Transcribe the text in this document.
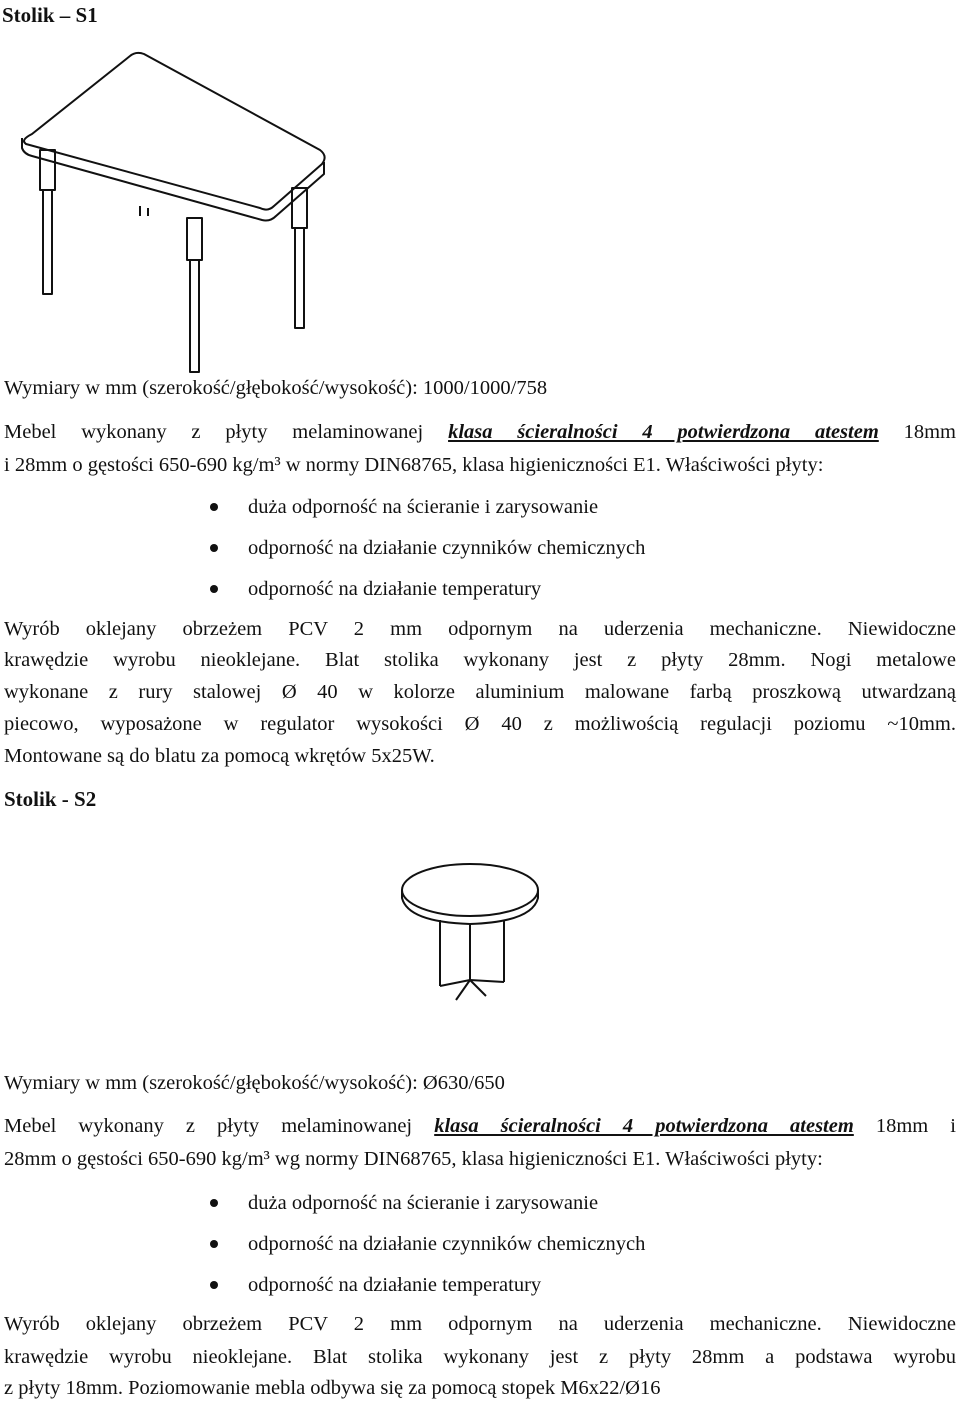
Stolik – S1
Wymiary w mm (szerokość/głębokość/wysokość): 1000/1000/758
Mebel wykonany z płyty melaminowanej klasa ścieralności 4 potwierdzona atestem 18mm
i 28mm o gęstości 650-690 kg/m³ w normy DIN68765, klasa higieniczności E1. Właściwości płyty:
duża odporność na ścieranie i zarysowanie
odporność na działanie czynników chemicznych
odporność na działanie temperatury
Wyrób oklejany obrzeżem PCV 2 mm odpornym na uderzenia mechaniczne. Niewidoczne
krawędzie wyrobu nieoklejane. Blat stolika wykonany jest z płyty 28mm. Nogi metalowe
wykonane z rury stalowej Ø 40 w kolorze aluminium malowane farbą proszkową utwardzaną
piecowo, wyposażone w regulator wysokości Ø 40 z możliwością regulacji poziomu ~10mm.
Montowane są do blatu za pomocą wkrętów 5x25W.
Stolik - S2
Wymiary w mm (szerokość/głębokość/wysokość): Ø630/650
Mebel wykonany z płyty melaminowanej klasa ścieralności 4 potwierdzona atestem 18mm i
28mm o gęstości 650-690 kg/m³ wg normy DIN68765, klasa higieniczności E1. Właściwości płyty:
duża odporność na ścieranie i zarysowanie
odporność na działanie czynników chemicznych
odporność na działanie temperatury
Wyrób oklejany obrzeżem PCV 2 mm odpornym na uderzenia mechaniczne. Niewidoczne
krawędzie wyrobu nieoklejane. Blat stolika wykonany jest z płyty 28mm a podstawa wyrobu
z płyty 18mm. Poziomowanie mebla odbywa się za pomocą stopek M6x22/Ø16
